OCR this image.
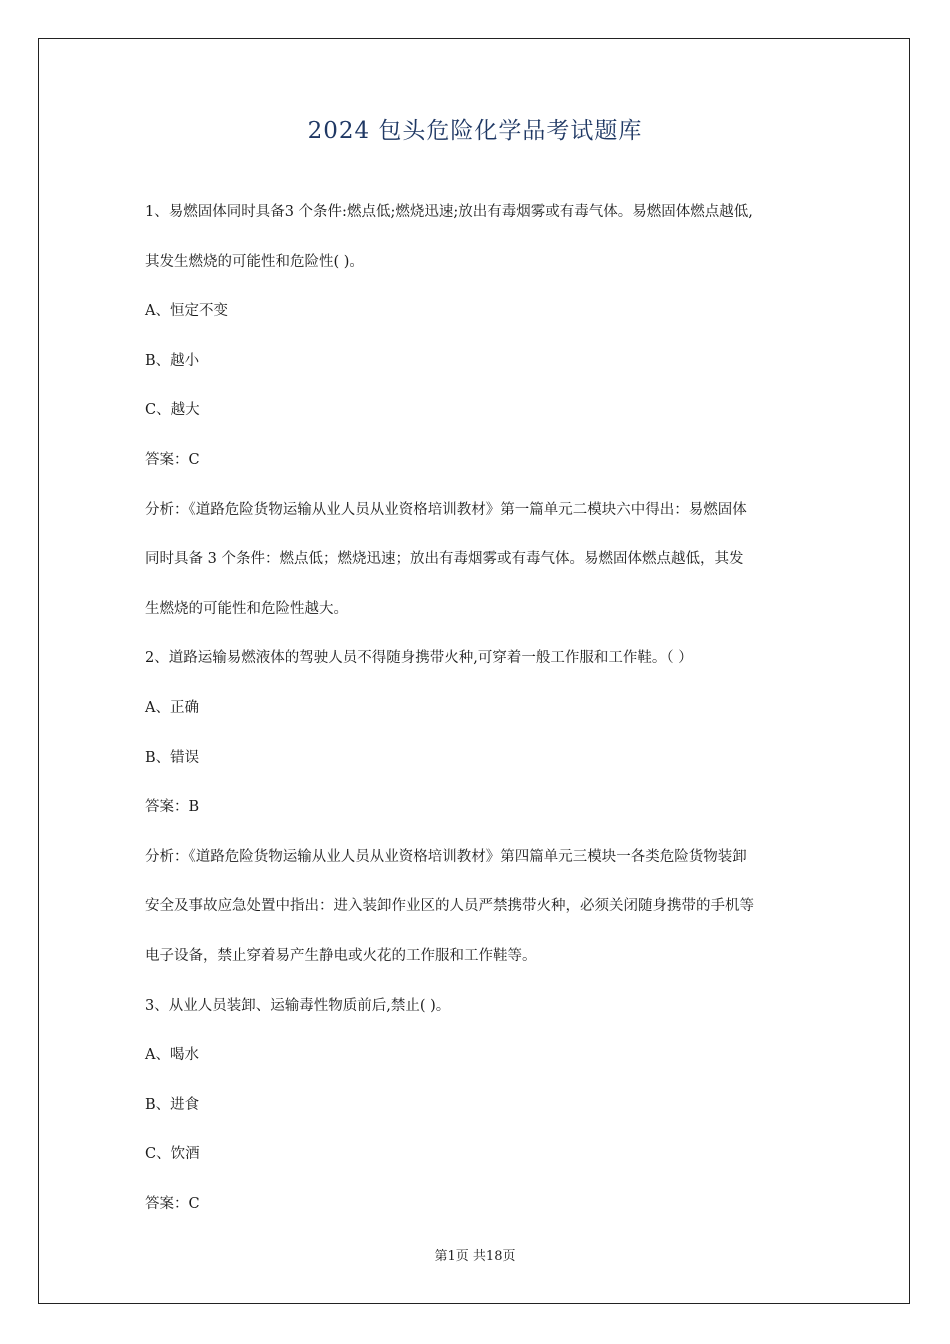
2024 包头危险化学品考试题库

1、易燃固体同时具备3 个条件:燃点低;燃烧迅速;放出有毒烟雾或有毒气体。易燃固体燃点越低,

其发生燃烧的可能性和危险性( )。

A、恒定不变

B、越小

C、越大

答案：C

分析：《道路危险货物运输从业人员从业资格培训教材》第一篇单元二模块六中得出：易燃固体

同时具备 3 个条件：燃点低；燃烧迅速；放出有毒烟雾或有毒气体。易燃固体燃点越低，其发

生燃烧的可能性和危险性越大。

2、道路运输易燃液体的驾驶人员不得随身携带火种,可穿着一般工作服和工作鞋。（ ）

A、正确

B、错误

答案：B

分析：《道路危险货物运输从业人员从业资格培训教材》第四篇单元三模块一各类危险货物装卸

安全及事故应急处置中指出：进入装卸作业区的人员严禁携带火种，必须关闭随身携带的手机等

电子设备，禁止穿着易产生静电或火花的工作服和工作鞋等。

3、从业人员装卸、运输毒性物质前后,禁止( )。

A、喝水

B、进食

C、饮酒

答案：C

第1页 共18页
